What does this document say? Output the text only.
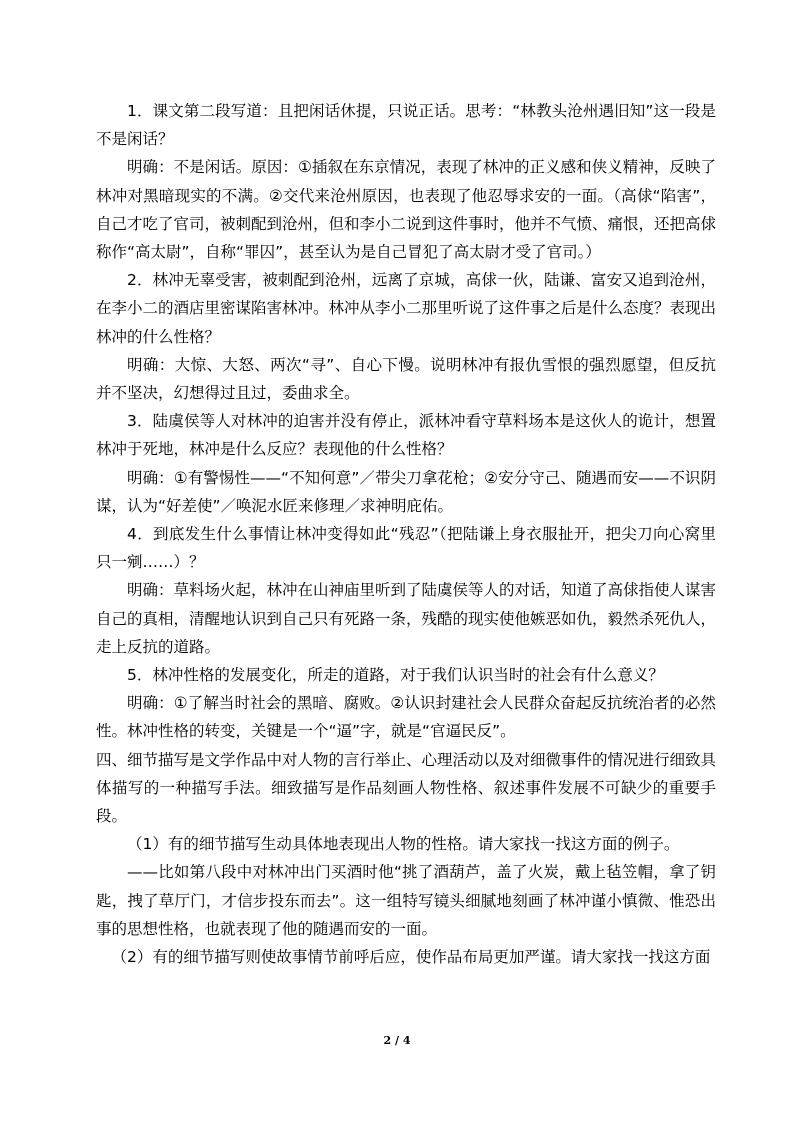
1．课文第二段写道：且把闲话休提，只说正话。思考：“林教头沧州遇旧知”这一段是不是闲话？

明确：不是闲话。原因：①插叙在东京情况，表现了林冲的正义感和侠义精神，反映了林冲对黑暗现实的不满。②交代来沧州原因，也表现了他忍辱求安的一面。（高俅“陷害”，自己才吃了官司，被刺配到沧州，但和李小二说到这件事时，他并不气愤、痛恨，还把高俅称作“高太尉”，自称“罪囚”，甚至认为是自己冒犯了高太尉才受了官司。）

2．林冲无辜受害，被刺配到沧州，远离了京城，高俅一伙，陆谦、富安又追到沧州，在李小二的酒店里密谋陷害林冲。林冲从李小二那里听说了这件事之后是什么态度？表现出林冲的什么性格？

明确：大惊、大怒、两次“寻”、自心下慢。说明林冲有报仇雪恨的强烈愿望，但反抗并不坚决，幻想得过且过，委曲求全。

3．陆虞侯等人对林冲的迫害并没有停止，派林冲看守草料场本是这伙人的诡计，想置林冲于死地，林冲是什么反应？表现他的什么性格？

明确：①有警惕性——“不知何意”／带尖刀拿花枪；②安分守己、随遇而安——不识阴谋，认为“好差使”／唤泥水匠来修理／求神明庇佑。

4．到底发生什么事情让林冲变得如此“残忍”（把陆谦上身衣服扯开，把尖刀向心窝里只一剜……）？

明确：草料场火起，林冲在山神庙里听到了陆虞侯等人的对话，知道了高俅指使人谋害自己的真相，清醒地认识到自己只有死路一条，残酷的现实使他嫉恶如仇，毅然杀死仇人，走上反抗的道路。

5．林冲性格的发展变化，所走的道路，对于我们认识当时的社会有什么意义？

明确：①了解当时社会的黑暗、腐败。②认识封建社会人民群众奋起反抗统治者的必然性。林冲性格的转变，关键是一个“逼”字，就是“官逼民反”。

四、细节描写是文学作品中对人物的言行举止、心理活动以及对细微事件的情况进行细致具体描写的一种描写手法。细致描写是作品刻画人物性格、叙述事件发展不可缺少的重要手段。

（1）有的细节描写生动具体地表现出人物的性格。请大家找一找这方面的例子。

——比如第八段中对林冲出门买酒时他“挑了酒葫芦，盖了火炭，戴上毡笠帽，拿了钥匙，拽了草厅门，才信步投东而去”。这一组特写镜头细腻地刻画了林冲谨小慎微、惟恐出事的思想性格，也就表现了他的随遇而安的一面。

（2）有的细节描写则使故事情节前呼后应，使作品布局更加严谨。请大家找一找这方面

2 / 4
